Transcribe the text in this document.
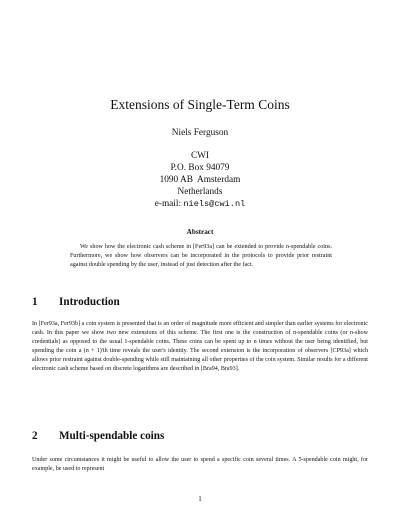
Extensions of Single-Term Coins
Niels Ferguson
CWI
P.O. Box 94079
1090 AB  Amsterdam
Netherlands
e-mail: niels@cwi.nl
Abstract

We show how the electronic cash scheme in [Fer93a] can be extended to provide n-spendable coins. Furthermore, we show how observers can be incorporated in the protocols to provide prior restraint against double spending by the user, instead of just detection after the fact.

1 Introduction

In [Fer93a, Fer93b] a coin system is presented that is an order of magnitude more efficient and simpler than earlier systems for electronic cash. In this paper we show two new extensions of this scheme. The first one is the construction of n-spendable coins (or n-show credentials) as opposed to the usual 1-spendable coins. These coins can be spent up to n times without the user being identified, but spending the coin a (n + 1)'th time reveals the user's identity. The second extension is the incorporation of observers [CP93a] which allows prior restraint against double-spending while still maintaining all other properties of the coin system. Similar results for a different electronic cash scheme based on discrete logarithms are described in [Bra94, Bra93].

2 Multi-spendable coins

Under some circumstances it might be useful to allow the user to spend a specific coin several times. A 5-spendable coin might, for example, be used to represent

1
